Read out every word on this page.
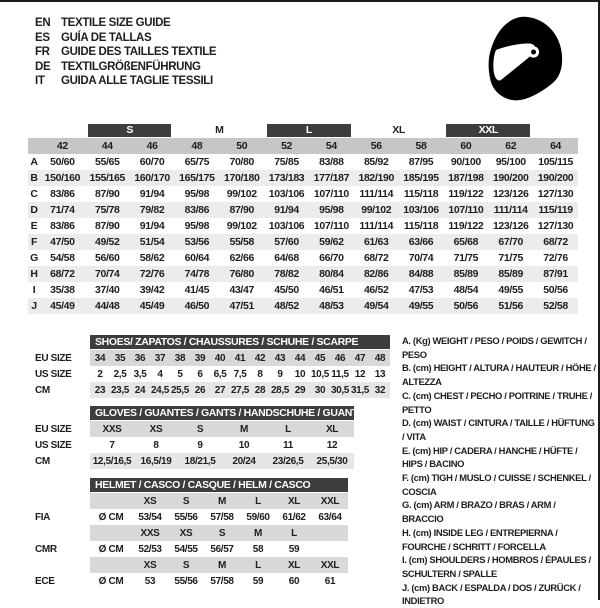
EN TEXTILE SIZE GUIDE
ES GUÍA DE TALLAS
FR GUIDE DES TAILLES TEXTILE
DE TEXTILGRÖßENFÜHRUNG
IT GUIDA ALLE TAGLIE TESSILI

		S		M		L		XL		XXL		

	42	44	46	48	50	52	54	56	58	60	62	64
A	50/60	55/65	60/70	65/75	70/80	75/85	83/88	85/92	87/95	90/100	95/100	105/115
B	150/160	155/165	160/170	165/175	170/180	173/183	177/187	182/190	185/195	187/198	190/200	190/200
C	83/86	87/90	91/94	95/98	99/102	103/106	107/110	111/114	115/118	119/122	123/126	127/130
D	71/74	75/78	79/82	83/86	87/90	91/94	95/98	99/102	103/106	107/110	111/114	115/119
E	83/86	87/90	91/94	95/98	99/102	103/106	107/110	111/114	115/118	119/122	123/126	127/130
F	47/50	49/52	51/54	53/56	55/58	57/60	59/62	61/63	63/66	65/68	67/70	68/72
G	54/58	56/60	58/62	60/64	62/66	64/68	66/70	68/72	70/74	71/75	71/75	72/76
H	68/72	70/74	72/76	74/78	76/80	78/82	80/84	82/86	84/88	85/89	85/89	87/91
I	35/38	37/40	39/42	41/45	43/47	45/50	46/51	46/52	47/53	48/54	49/55	50/56
J	45/49	44/48	45/49	46/50	47/51	48/52	48/53	49/54	49/55	50/56	51/56	52/58

	SHOES/ ZAPATOS / CHAUSSURES / SCHUHE / SCARPE														

EU SIZE	34	35	36	37	38	39	40	41	42	43	44	45	46	47	48
US SIZE	2	2,5	3,5	4	5	6	6,5	7,5	8	9	10	10,5	11,5	12	13
CM	23	23,5	24	24,5	25,5	26	27	27,5	28	28,5	29	30	30,5	31,5	32

	GLOVES / GUANTES / GANTS / HANDSCHUHE / GUANTI					

EU SIZE	XXS	XS	S	M	L	XL
US SIZE	7	8	9	10	11	12
CM	12,5/16,5	16,5/19	18/21,5	20/24	23/26,5	25,5/30

	HELMET / CASCO / CASQUE / HELM / CASCO						

		XS	S	M	L	XL	XXL
FIA	Ø CM	53/54	55/56	57/58	59/60	61/62	63/64
		XXS	XS	S	M	L	
CMR	Ø CM	52/53	54/55	56/57	58	59	
		XS	S	M	L	XL	XXL
ECE	Ø CM	53	55/56	57/58	59	60	61
A. (Kg) WEIGHT / PESO / POIDS / GEWITCH / PESO
B. (cm) HEIGHT / ALTURA / HAUTEUR / HÖHE / ALTEZZA
C. (cm) CHEST / PECHO / POITRINE / TRUHE / PETTO
D. (cm) WAIST / CINTURA / TAILLE / HÜFTUNG / VITA
E. (cm) HIP / CADERA / HANCHE / HÜFTE / HIPS / BACINO
F. (cm) TIGH / MUSLO / CUISSE / SCHENKEL / COSCIA
G. (cm) ARM / BRAZO / BRAS / ARM / BRACCIO
H. (cm) INSIDE LEG / ENTREPIERNA / FOURCHE / SCHRITT / FORCELLA
I. (cm) SHOULDERS / HOMBROS / ÉPAULES / SCHULTERN / SPALLE
J. (cm) BACK / ESPALDA / DOS / ZURÜCK / INDIETRO
